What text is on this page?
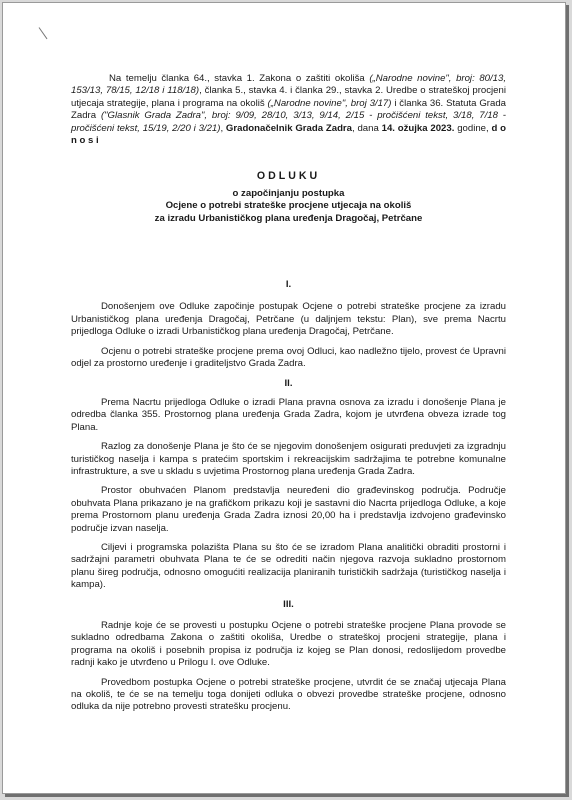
Na temelju članka 64., stavka 1. Zakona o zaštiti okoliša („Narodne novine", broj: 80/13, 153/13, 78/15, 12/18 i 118/18), članka 5., stavka 4. i članka 29., stavka 2. Uredbe o strateškoj procjeni utjecaja strategije, plana i programa na okoliš („Narodne novine", broj 3/17) i članka 36. Statuta Grada Zadra ("Glasnik Grada Zadra", broj: 9/09, 28/10, 3/13, 9/14, 2/15 - pročišćeni tekst, 3/18, 7/18 - pročišćeni tekst, 15/19, 2/20 i 3/21), Gradonačelnik Grada Zadra, dana 14. ožujka 2023. godine, d o n o s i

ODLUKU

o započinjanju postupka

Ocjene o potrebi strateške procjene utjecaja na okoliš

za izradu Urbanističkog plana uređenja Dragočaj, Petrčane

I.

Donošenjem ove Odluke započinje postupak Ocjene o potrebi strateške procjene za izradu Urbanističkog plana uređenja Dragočaj, Petrčane (u daljnjem tekstu: Plan), sve prema Nacrtu prijedloga Odluke o izradi Urbanističkog plana uređenja Dragočaj, Petrčane.

Ocjenu o potrebi strateške procjene prema ovoj Odluci, kao nadležno tijelo, provest će Upravni odjel za prostorno uređenje i graditeljstvo Grada Zadra.

II.

Prema Nacrtu prijedloga Odluke o izradi Plana pravna osnova za izradu i donošenje Plana je odredba članka 355. Prostornog plana uređenja Grada Zadra, kojom je utvrđena obveza izrade tog Plana.

Razlog za donošenje Plana je što će se njegovim donošenjem osigurati preduvjeti za izgradnju turističkog naselja i kampa s pratećim sportskim i rekreacijskim sadržajima te potrebne komunalne infrastrukture, a sve u skladu s uvjetima Prostornog plana uređenja Grada Zadra.

Prostor obuhvaćen Planom predstavlja neuređeni dio građevinskog područja. Područje obuhvata Plana prikazano je na grafičkom prikazu koji je sastavni dio Nacrta prijedloga Odluke, a koje prema Prostornom planu uređenja Grada Zadra iznosi 20,00 ha i predstavlja izdvojeno građevinsko područje izvan naselja.

Ciljevi i programska polazišta Plana su što će se izradom Plana analitički obraditi prostorni i sadržajni parametri obuhvata Plana te će se odrediti način njegova razvoja sukladno prostornom planu šireg područja, odnosno omogućiti realizacija planiranih turističkih sadržaja (turističkog naselja i kampa).

III.

Radnje koje će se provesti u postupku Ocjene o potrebi strateške procjene Plana provode se sukladno odredbama Zakona o zaštiti okoliša, Uredbe o strateškoj procjeni strategije, plana i programa na okoliš i posebnih propisa iz područja iz kojeg se Plan donosi, redoslijedom provedbe radnji kako je utvrđeno u Prilogu I. ove Odluke.

Provedbom postupka Ocjene o potrebi strateške procjene, utvrdit će se značaj utjecaja Plana na okoliš, te će se na temelju toga donijeti odluka o obvezi provedbe strateške procjene, odnosno odluka da nije potrebno provesti stratešku procjenu.
